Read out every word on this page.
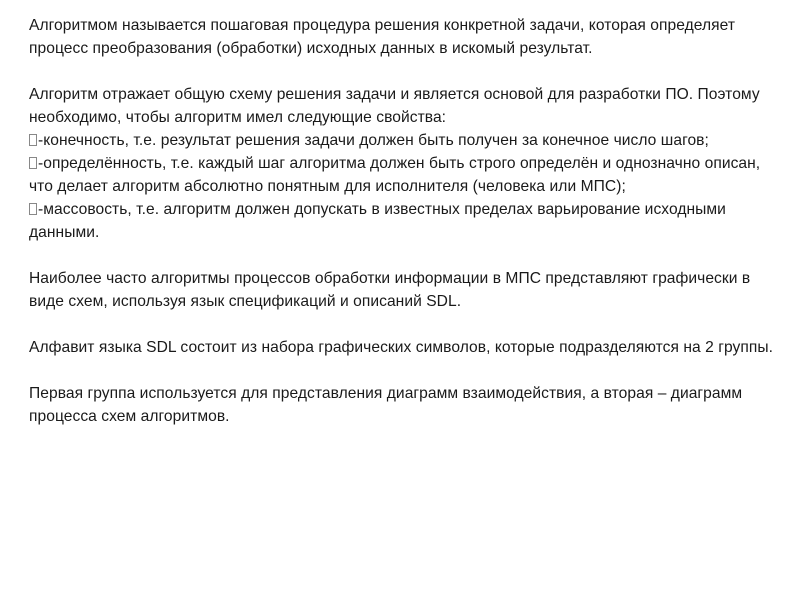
Алгоритмом называется пошаговая процедура решения конкретной задачи, которая определяет процесс преобразования (обработки) исходных данных в искомый результат.

Алгоритм отражает общую схему решения задачи и является основой для разработки ПО. Поэтому необходимо, чтобы алгоритм имел следующие свойства:

-конечность, т.е. результат решения задачи должен быть получен за конечное число шагов;

-определённость, т.е. каждый шаг алгоритма должен быть строго определён и однозначно описан, что делает алгоритм абсолютно понятным для исполнителя (человека или МПС);

-массовость, т.е. алгоритм должен допускать в известных пределах варьирование исходными данными.

Наиболее часто алгоритмы процессов обработки информации в МПС представляют графически в виде схем, используя язык спецификаций и описаний SDL.

Алфавит языка SDL состоит из набора графических символов, которые подразделяются на 2 группы.

Первая группа используется для представления диаграмм взаимодействия, а вторая – диаграмм процесса схем алгоритмов.
